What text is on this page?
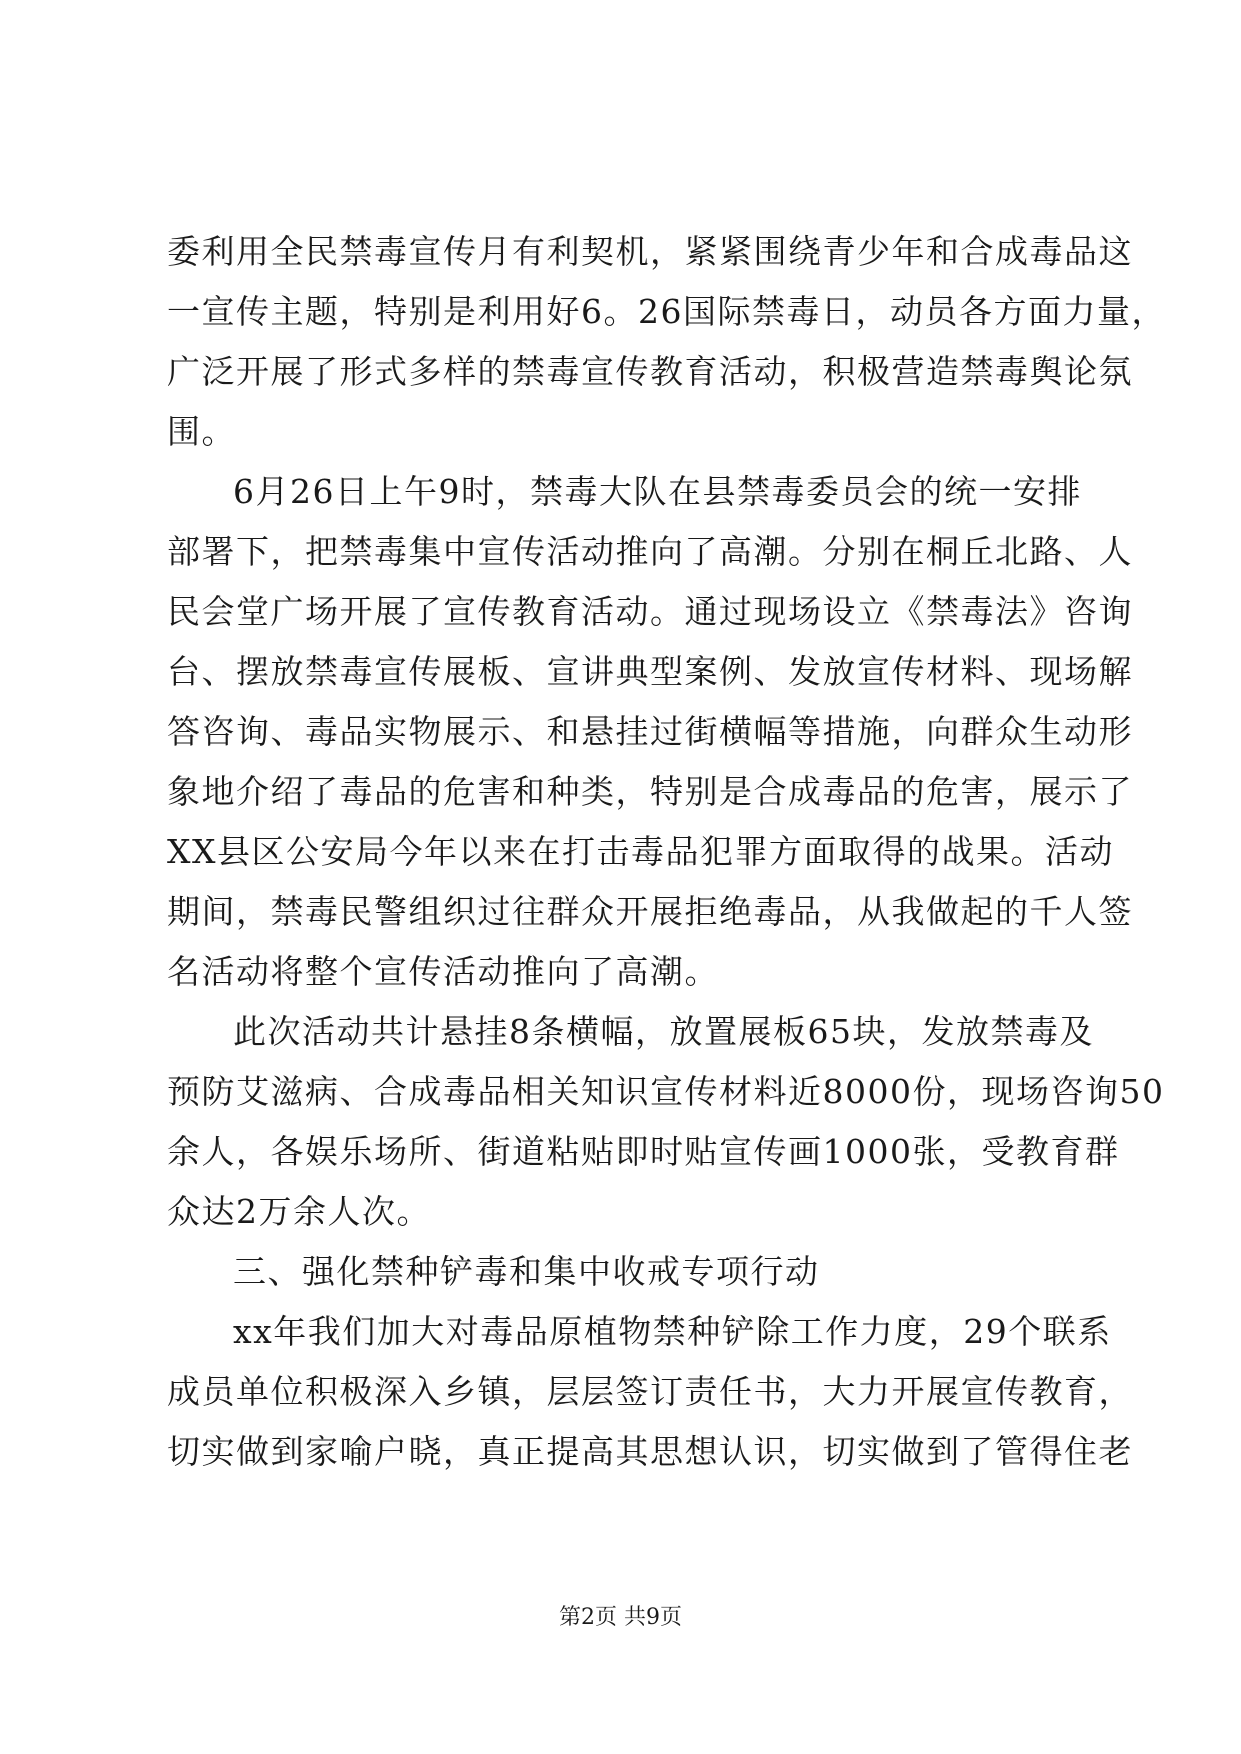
委利用全民禁毒宣传月有利契机，紧紧围绕青少年和合成毒品这
一宣传主题，特别是利用好6。26国际禁毒日，动员各方面力量，
广泛开展了形式多样的禁毒宣传教育活动，积极营造禁毒舆论氛
围。
6月26日上午9时，禁毒大队在县禁毒委员会的统一安排
部署下，把禁毒集中宣传活动推向了高潮。分别在桐丘北路、人
民会堂广场开展了宣传教育活动。通过现场设立《禁毒法》咨询
台、摆放禁毒宣传展板、宣讲典型案例、发放宣传材料、现场解
答咨询、毒品实物展示、和悬挂过街横幅等措施，向群众生动形
象地介绍了毒品的危害和种类，特别是合成毒品的危害，展示了
XX县区公安局今年以来在打击毒品犯罪方面取得的战果。活动
期间，禁毒民警组织过往群众开展拒绝毒品，从我做起的千人签
名活动将整个宣传活动推向了高潮。
此次活动共计悬挂8条横幅，放置展板65块，发放禁毒及
预防艾滋病、合成毒品相关知识宣传材料近8000份，现场咨询50
余人，各娱乐场所、街道粘贴即时贴宣传画1000张，受教育群
众达2万余人次。
三、强化禁种铲毒和集中收戒专项行动
xx年我们加大对毒品原植物禁种铲除工作力度，29个联系
成员单位积极深入乡镇，层层签订责任书，大力开展宣传教育，
切实做到家喻户晓，真正提高其思想认识，切实做到了管得住老
第2页 共9页
